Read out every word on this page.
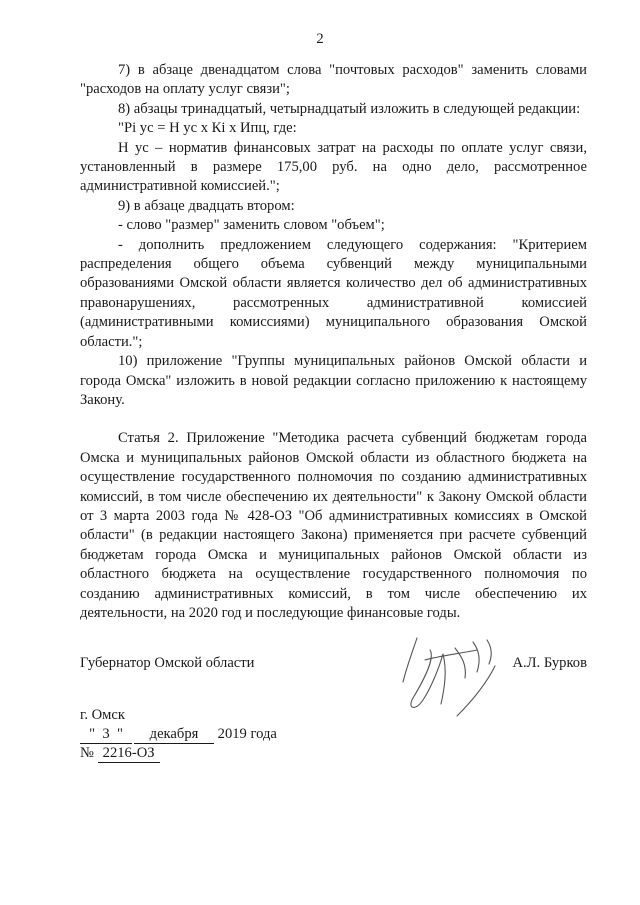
2

7) в абзаце двенадцатом слова "почтовых расходов" заменить словами "расходов на оплату услуг связи";

8) абзацы тринадцатый, четырнадцатый изложить в следующей редакции:

"Рi ус = Н ус х Кi х Ипц, где:

Н ус – норматив финансовых затрат на расходы по оплате услуг связи, установленный в размере 175,00 руб. на одно дело, рассмотренное административной комиссией.";

9) в абзаце двадцать втором:

- слово "размер" заменить словом "объем";

- дополнить предложением следующего содержания: "Критерием распределения общего объема субвенций между муниципальными образованиями Омской области является количество дел об административных правонарушениях, рассмотренных административной комиссией (административными комиссиями) муниципального образования Омской области.";

10) приложение "Группы муниципальных районов Омской области и города Омска" изложить в новой редакции согласно приложению к настоящему Закону.

Статья 2. Приложение "Методика расчета субвенций бюджетам города Омска и муниципальных районов Омской области из областного бюджета на осуществление государственного полномочия по созданию административных комиссий, в том числе обеспечению их деятельности" к Закону Омской области от 3 марта 2003 года № 428-ОЗ "Об административных комиссиях в Омской области" (в редакции настоящего Закона) применяется при расчете субвенций бюджетам города Омска и муниципальных районов Омской области из областного бюджета на осуществление государственного полномочия по созданию административных комиссий, в том числе обеспечению их деятельности, на 2020 год и последующие финансовые годы.

Губернатор Омской области	А.Л. Бурков
г. Омск
" 3 " декабря 2019 года
№ 2216-ОЗ
